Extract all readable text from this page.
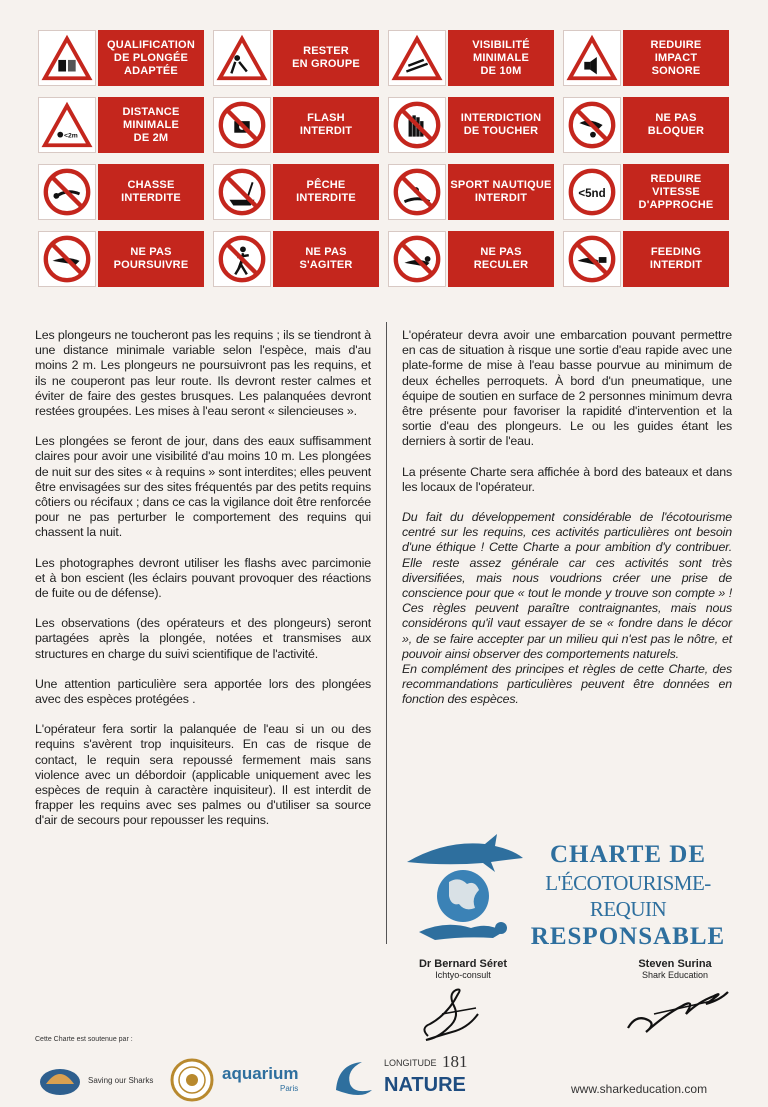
QUALIFICATION
DE PLONGÉE
ADAPTÉE
RESTER
EN GROUPE
VISIBILITÉ
MINIMALE
DE 10M
REDUIRE
IMPACT
SONORE
<2m
DISTANCE
MINIMALE
DE 2M
FLASH
INTERDIT
INTERDICTION
DE TOUCHER
NE PAS
BLOQUER
CHASSE
INTERDITE
PÊCHE
INTERDITE
SPORT NAUTIQUE
INTERDIT	<5nd
REDUIRE
VITESSE
D'APPROCHE
NE PAS
POURSUIVRE
NE PAS
S'AGITER
NE PAS
RECULER
FEEDING
INTERDIT

Les plongeurs ne toucheront pas les requins ; ils se tiendront à une distance minimale variable selon l'espèce, mais d'au moins 2 m. Les plongeurs ne poursuivront pas les requins, et ils ne couperont pas leur route. Ils devront rester calmes et éviter de faire des gestes brusques. Les palanquées devront restées groupées. Les mises à l'eau seront « silencieuses ».

Les plongées se feront de jour, dans des eaux suffisamment claires pour avoir une visibilité d'au moins 10 m. Les plongées de nuit sur des sites « à requins » sont interdites; elles peuvent être envisagées sur des sites fréquentés par des petits requins côtiers ou récifaux ; dans ce cas la vigilance doit être renforcée pour ne pas perturber le comportement des requins qui chassent la nuit.

Les photographes devront utiliser les flashs avec parcimonie et à bon escient (les éclairs pouvant provoquer des réactions de fuite ou de défense).

Les observations (des opérateurs et des plongeurs) seront partagées après la plongée, notées et transmises aux structures en charge du suivi scientifique de l'activité.

Une attention particulière sera apportée lors des plongées avec des espèces protégées .

L'opérateur fera sortir la palanquée de l'eau si un ou des requins s'avèrent trop inquisiteurs. En cas de risque de contact, le requin sera repoussé fermement mais sans violence avec un débordoir (applicable uniquement avec les espèces de requin à caractère inquisiteur). Il est interdit de frapper les requins avec ses palmes ou d'utiliser sa source d'air de secours pour repousser les requins.

L'opérateur devra avoir une embarcation pouvant permettre en cas de situation à risque une sortie d'eau rapide avec une plate-forme de mise à l'eau basse pourvue au minimum de deux échelles perroquets. À bord d'un pneumatique, une équipe de soutien en surface de 2 personnes minimum devra être présente pour favoriser la rapidité d'intervention et la sortie d'eau des plongeurs. Le ou les guides étant les derniers à sortir de l'eau.

La présente Charte sera affichée à bord des bateaux et dans les locaux de l'opérateur.

Du fait du développement considérable de l'écotourisme centré sur les requins, ces activités particulières ont besoin d'une éthique ! Cette Charte a pour ambition d'y contribuer. Elle reste assez générale car ces activités sont très diversifiées, mais nous voudrions créer une prise de conscience pour que « tout le monde y trouve son compte » ! Ces règles peuvent paraître contraignantes, mais nous considérons qu'il vaut essayer de se « fondre dans le décor », de se faire accepter par un milieu qui n'est pas le nôtre, et pouvoir ainsi observer des comportements naturels.

En complément des principes et règles de cette Charte, des recommandations particulières peuvent être données en fonction des espèces.

CHARTE DE
L'ÉCOTOURISME-REQUIN
RESPONSABLE
Dr Bernard Séret
Ichtyo-consult
Steven Surina
Shark Education
Cette Charte est soutenue par :
Saving our Sharks	aquarium
Paris
LONGITUDE 181
NATURE	www.sharkeducation.com
